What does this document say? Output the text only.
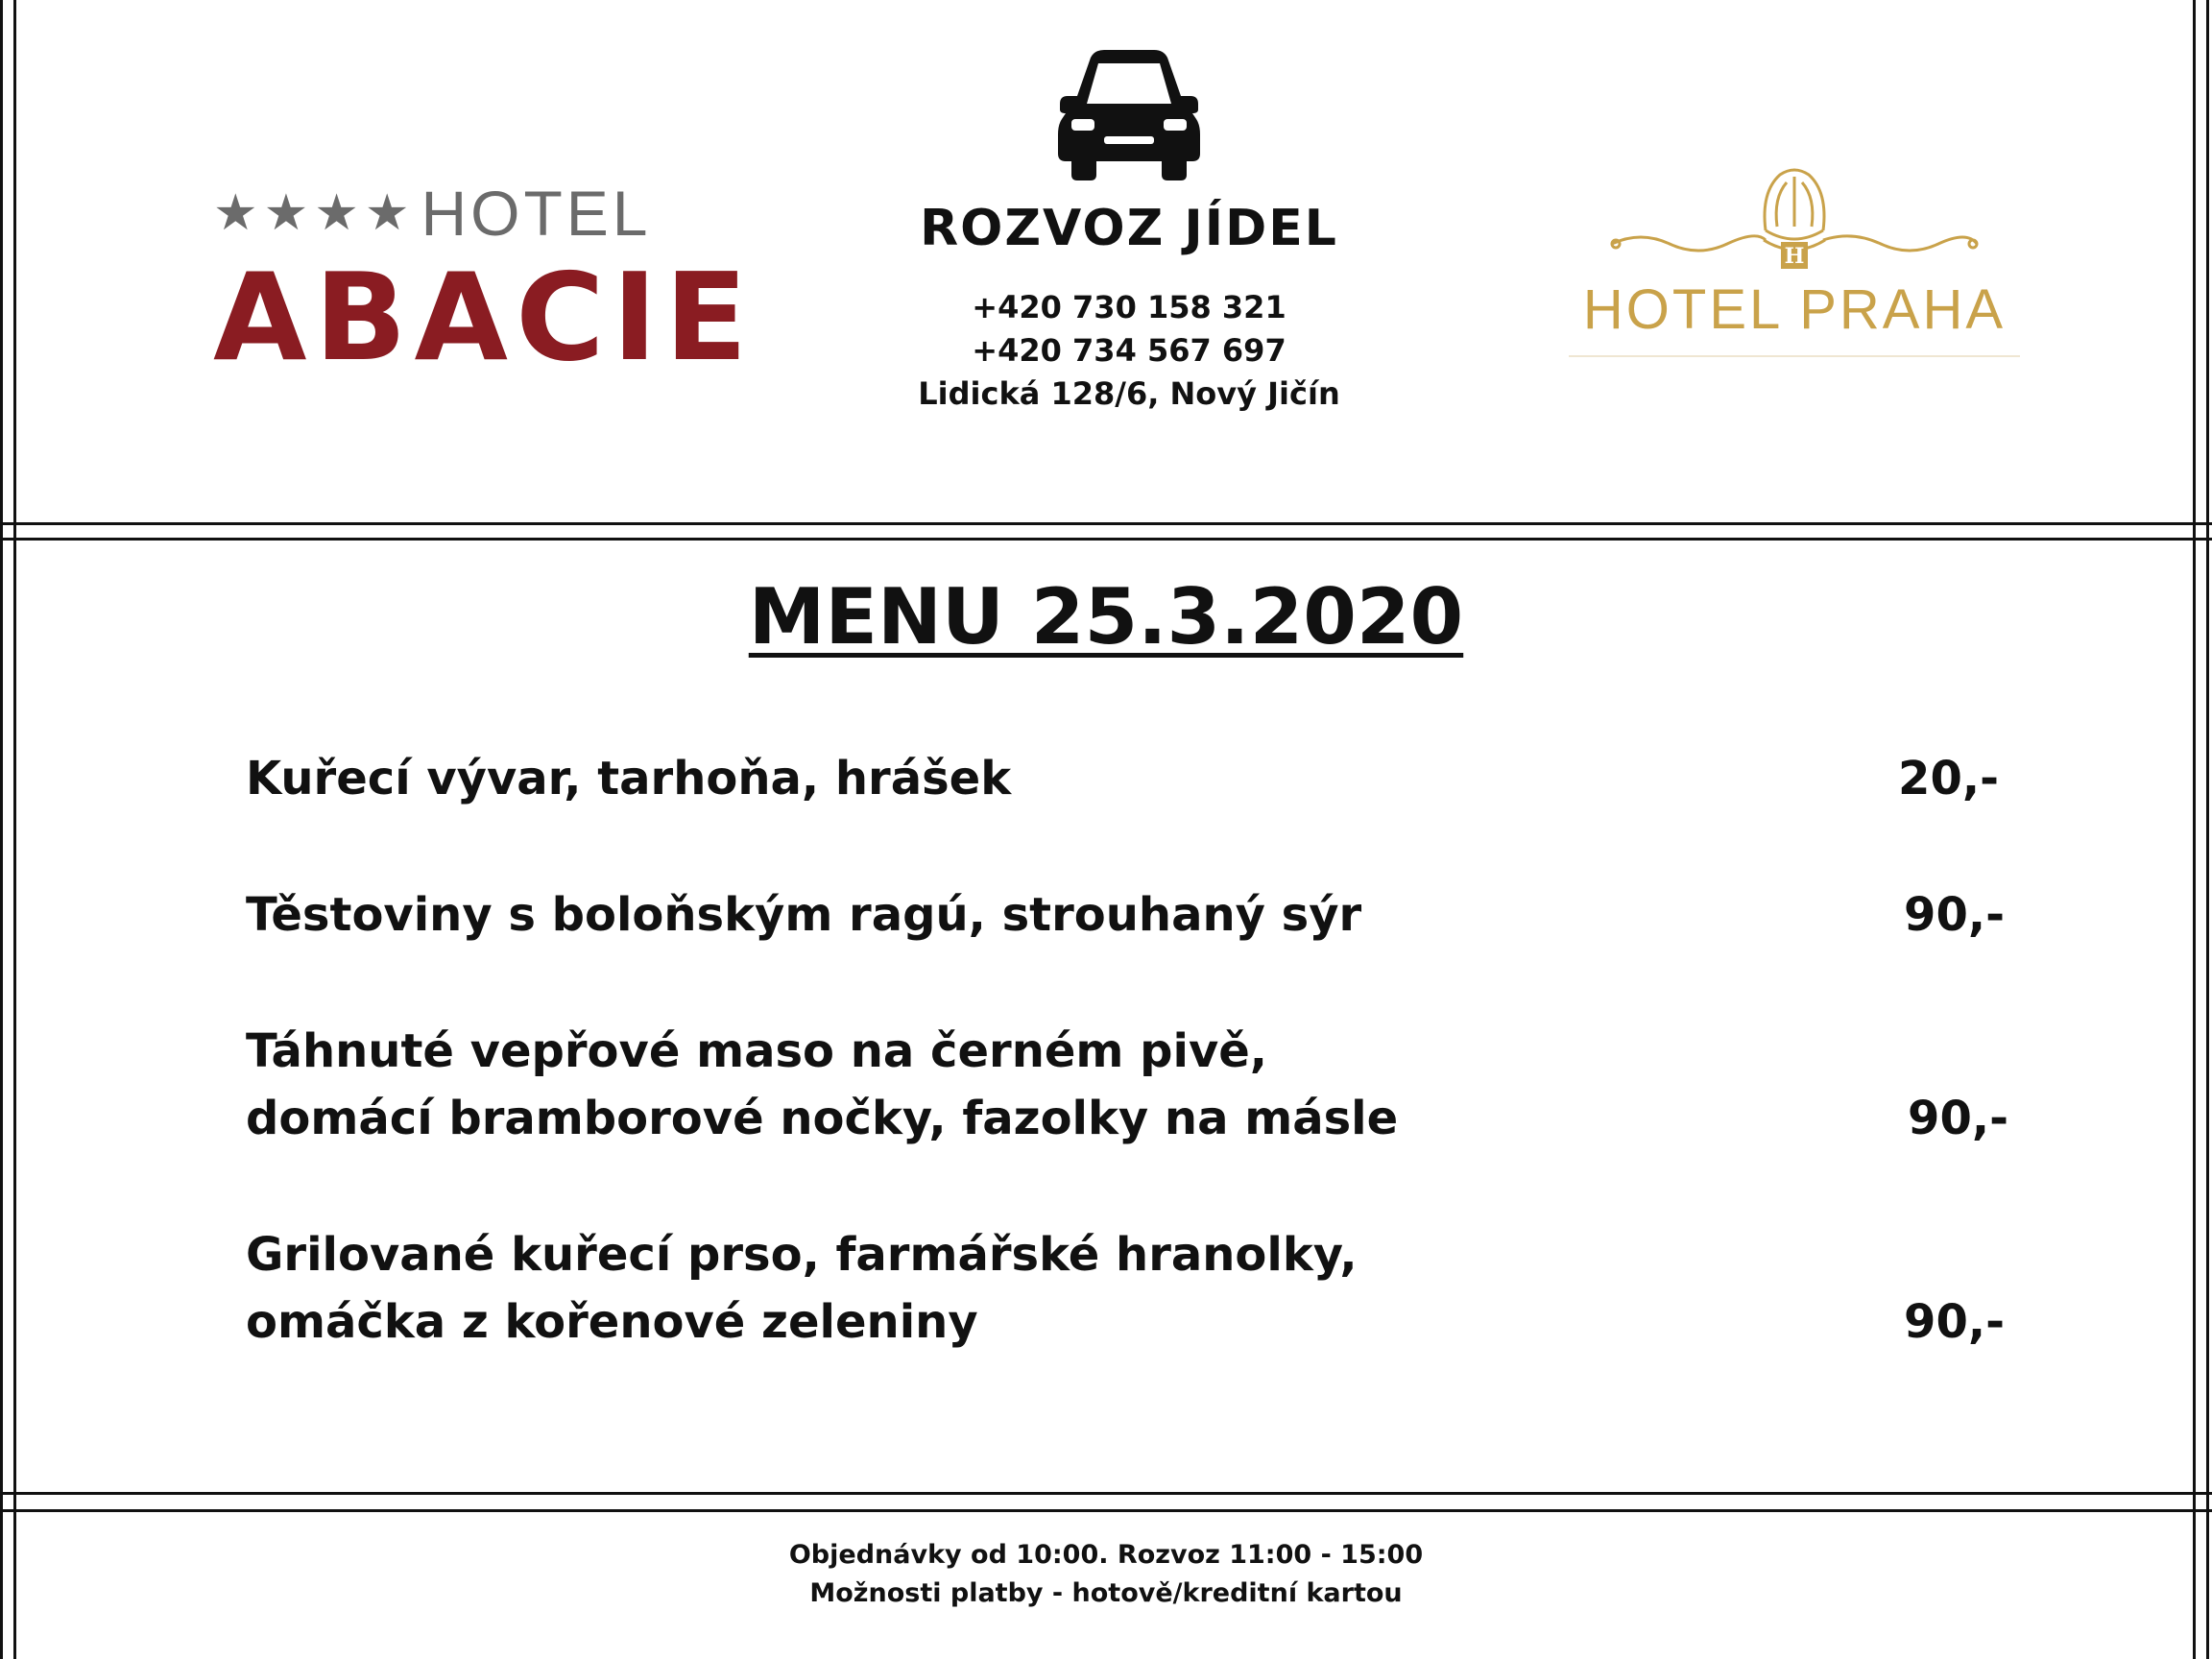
★★★★ HOTEL
ABACIE
ROZVOZ JÍDEL
+420 730 158 321
+420 734 567 697
Lidická 128/6, Nový Jičín
H
HOTEL PRAHA
MENU 25.3.2020
Kuřecí vývar, tarhoňa, hrášek	20,-
Těstoviny s boloňským ragú, strouhaný sýr	90,-
Táhnuté vepřové maso na černém pivě,
domácí bramborové nočky, fazolky na másle	90,-
Grilované kuřecí prso, farmářské hranolky,
omáčka z kořenové zeleniny	90,-
Objednávky od 10:00. Rozvoz 11:00 - 15:00
Možnosti platby - hotově/kreditní kartou
